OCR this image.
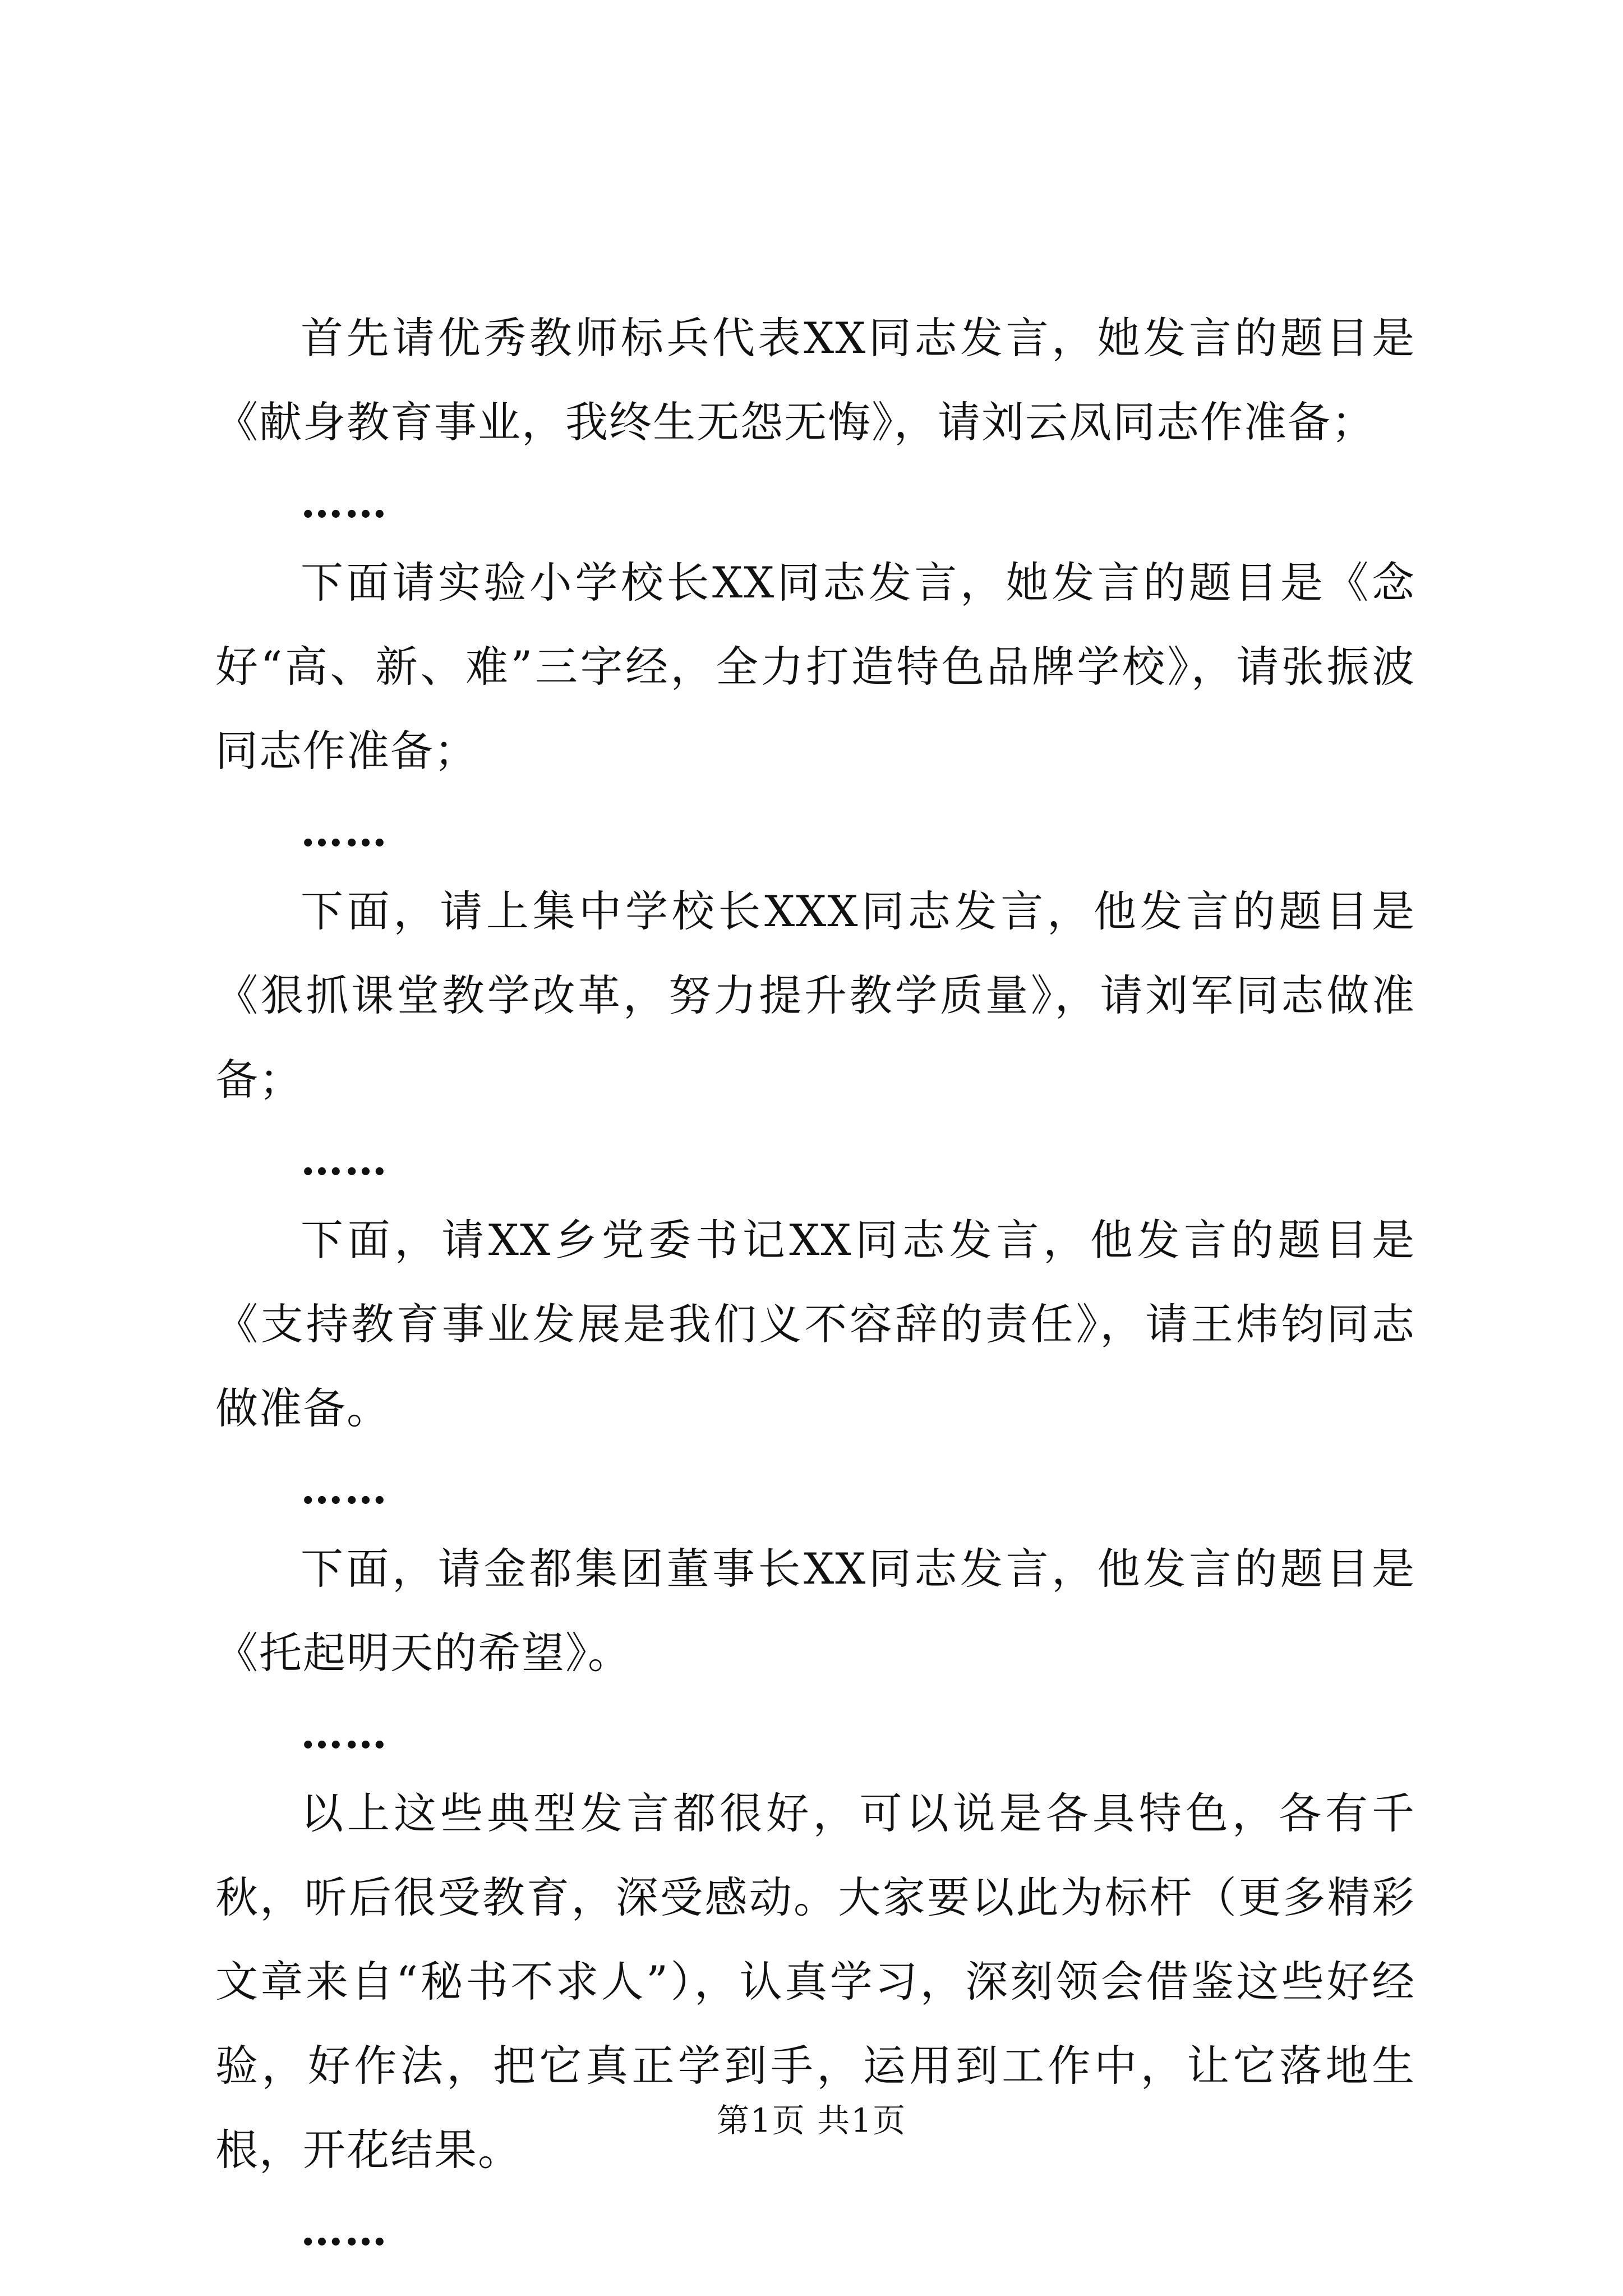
首先请优秀教师标兵代表XX同志发言，她发言的题目是《献身教育事业，我终生无怨无悔》，请刘云凤同志作准备；

……

下面请实验小学校长XX同志发言，她发言的题目是《念好“高、新、难”三字经，全力打造特色品牌学校》，请张振波同志作准备；

……

下面，请上集中学校长XXX同志发言，他发言的题目是《狠抓课堂教学改革，努力提升教学质量》，请刘军同志做准备；

……

下面，请XX乡党委书记XX同志发言，他发言的题目是《支持教育事业发展是我们义不容辞的责任》，请王炜钧同志做准备。

……

下面，请金都集团董事长XX同志发言，他发言的题目是《托起明天的希望》。

……

以上这些典型发言都很好，可以说是各具特色，各有千秋，听后很受教育，深受感动。大家要以此为标杆（更多精彩文章来自“秘书不求人”），认真学习，深刻领会借鉴这些好经验，好作法，把它真正学到手，运用到工作中，让它落地生根，开花结果。

……

第1页 共1页
